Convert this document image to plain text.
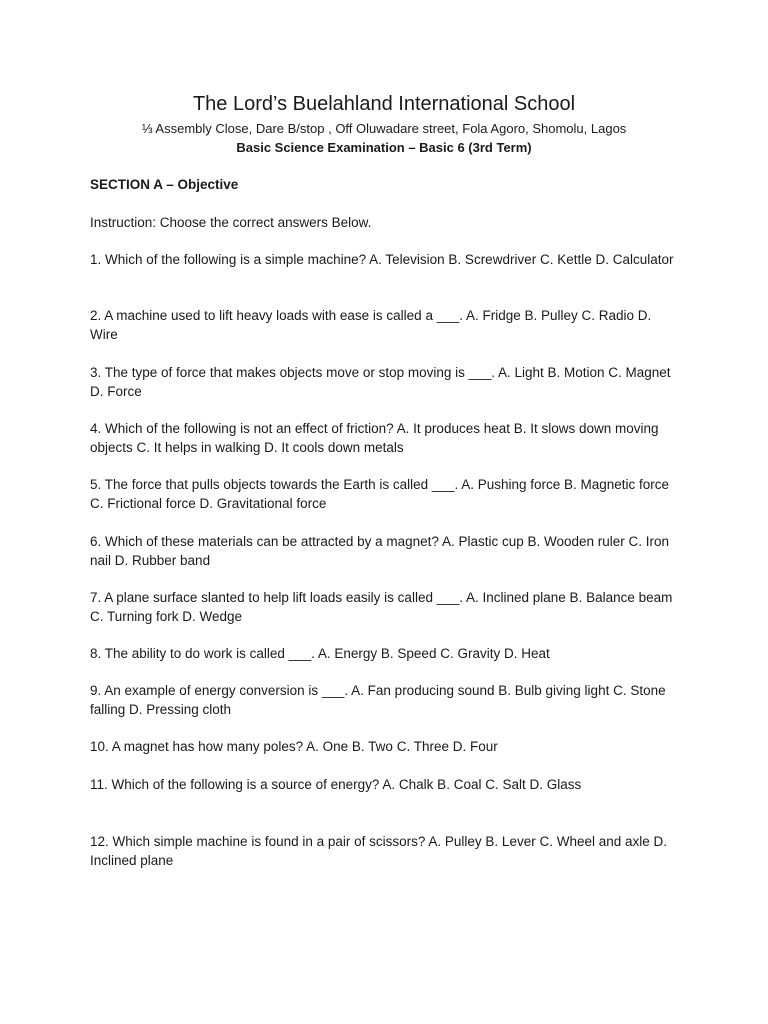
The Lord’s Buelahland International School

⅓ Assembly Close, Dare B/stop , Off Oluwadare street, Fola Agoro, Shomolu, Lagos

Basic Science Examination – Basic 6 (3rd Term)

SECTION A – Objective
Instruction: Choose the correct answers Below.

1. Which of the following is a simple machine? A. Television B. Screwdriver C. Kettle D. Calculator

2. A machine used to lift heavy loads with ease is called a ___. A. Fridge B. Pulley C. Radio D. Wire

3. The type of force that makes objects move or stop moving is ___. A. Light B. Motion C. Magnet D. Force

4. Which of the following is not an effect of friction? A. It produces heat B. It slows down moving objects C. It helps in walking D. It cools down metals

5. The force that pulls objects towards the Earth is called ___. A. Pushing force B. Magnetic force C. Frictional force D. Gravitational force

6. Which of these materials can be attracted by a magnet? A. Plastic cup B. Wooden ruler C. Iron nail D. Rubber band

7. A plane surface slanted to help lift loads easily is called ___. A. Inclined plane B. Balance beam C. Turning fork D. Wedge

8. The ability to do work is called ___. A. Energy B. Speed C. Gravity D. Heat

9. An example of energy conversion is ___. A. Fan producing sound B. Bulb giving light C. Stone falling D. Pressing cloth

10. A magnet has how many poles? A. One B. Two C. Three D. Four

11. Which of the following is a source of energy? A. Chalk B. Coal C. Salt D. Glass

12. Which simple machine is found in a pair of scissors? A. Pulley B. Lever C. Wheel and axle D. Inclined plane
